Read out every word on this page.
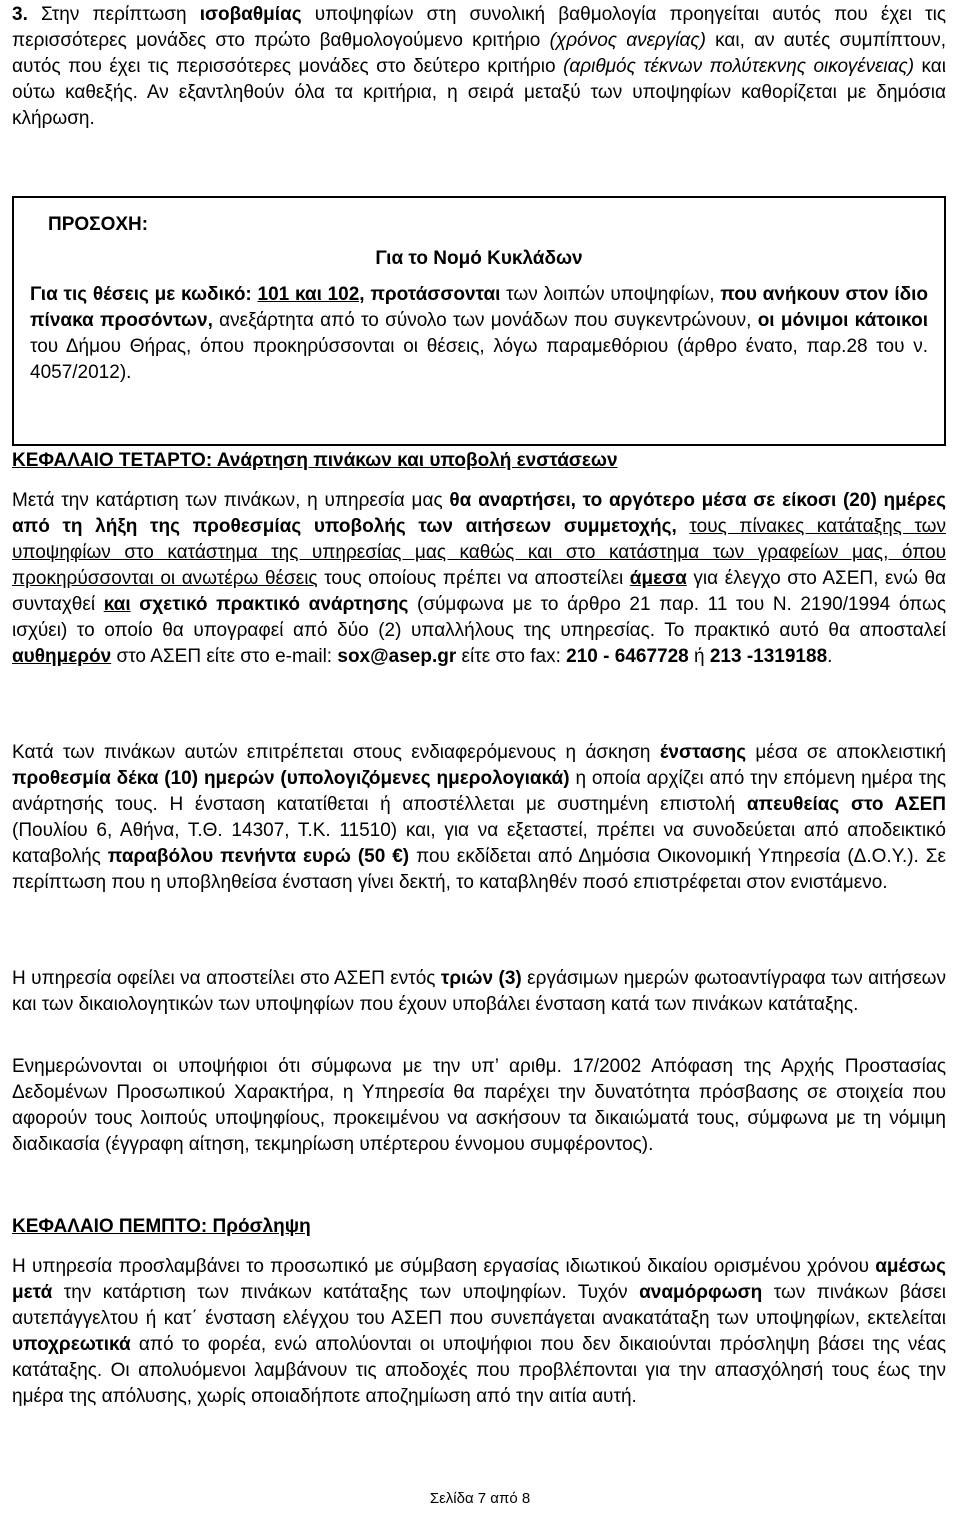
3. Στην περίπτωση ισοβαθμίας υποψηφίων στη συνολική βαθμολογία προηγείται αυτός που έχει τις περισσότερες μονάδες στο πρώτο βαθμολογούμενο κριτήριο (χρόνος ανεργίας) και, αν αυτές συμπίπτουν, αυτός που έχει τις περισσότερες μονάδες στο δεύτερο κριτήριο (αριθμός τέκνων πολύτεκνης οικογένειας) και ούτω καθεξής. Αν εξαντληθούν όλα τα κριτήρια, η σειρά μεταξύ των υποψηφίων καθορίζεται με δημόσια κλήρωση.

ΠΡΟΣΟΧΗ:
Για το Νομό Κυκλάδων

Για τις θέσεις με κωδικό: 101 και 102, προτάσσονται των λοιπών υποψηφίων, που ανήκουν στον ίδιο πίνακα προσόντων, ανεξάρτητα από το σύνολο των μονάδων που συγκεντρώνουν, οι μόνιμοι κάτοικοι του Δήμου Θήρας, όπου προκηρύσσονται οι θέσεις, λόγω παραμεθόριου (άρθρο ένατο, παρ.28 του ν. 4057/2012).

ΚΕΦΑΛΑΙΟ ΤΕΤΑΡΤΟ: Ανάρτηση πινάκων και υποβολή ενστάσεων

Μετά την κατάρτιση των πινάκων, η υπηρεσία μας θα αναρτήσει, το αργότερο μέσα σε είκοσι (20) ημέρες από τη λήξη της προθεσμίας υποβολής των αιτήσεων συμμετοχής, τους πίνακες κατάταξης των υποψηφίων στο κατάστημα της υπηρεσίας μας καθώς και στο κατάστημα των γραφείων μας, όπου προκηρύσσονται οι ανωτέρω θέσεις τους οποίους πρέπει να αποστείλει άμεσα για έλεγχο στο ΑΣΕΠ, ενώ θα συνταχθεί και σχετικό πρακτικό ανάρτησης (σύμφωνα με το άρθρο 21 παρ. 11 του Ν. 2190/1994 όπως ισχύει) το οποίο θα υπογραφεί από δύο (2) υπαλλήλους της υπηρεσίας. Το πρακτικό αυτό θα αποσταλεί αυθημερόν στο ΑΣΕΠ είτε στο e-mail: sox@asep.gr είτε στο fax: 210 - 6467728 ή 213 -1319188.

Κατά των πινάκων αυτών επιτρέπεται στους ενδιαφερόμενους η άσκηση ένστασης μέσα σε αποκλειστική προθεσμία δέκα (10) ημερών (υπολογιζόμενες ημερολογιακά) η οποία αρχίζει από την επόμενη ημέρα της ανάρτησής τους. Η ένσταση κατατίθεται ή αποστέλλεται με συστημένη επιστολή απευθείας στο ΑΣΕΠ (Πουλίου 6, Αθήνα, Τ.Θ. 14307, Τ.Κ. 11510) και, για να εξεταστεί, πρέπει να συνοδεύεται από αποδεικτικό καταβολής παραβόλου πενήντα ευρώ (50 €) που εκδίδεται από Δημόσια Οικονομική Υπηρεσία (Δ.Ο.Υ.). Σε περίπτωση που η υποβληθείσα ένσταση γίνει δεκτή, το καταβληθέν ποσό επιστρέφεται στον ενιστάμενο.

Η υπηρεσία οφείλει να αποστείλει στο ΑΣΕΠ εντός τριών (3) εργάσιμων ημερών φωτοαντίγραφα των αιτήσεων και των δικαιολογητικών των υποψηφίων που έχουν υποβάλει ένσταση κατά των πινάκων κατάταξης.

Ενημερώνονται οι υποψήφιοι ότι σύμφωνα με την υπ’ αριθμ. 17/2002 Απόφαση της Αρχής Προστασίας Δεδομένων Προσωπικού Χαρακτήρα, η Υπηρεσία θα παρέχει την δυνατότητα πρόσβασης σε στοιχεία που αφορούν τους λοιπούς υποψηφίους, προκειμένου να ασκήσουν τα δικαιώματά τους, σύμφωνα με τη νόμιμη διαδικασία (έγγραφη αίτηση, τεκμηρίωση υπέρτερου έννομου συμφέροντος).

ΚΕΦΑΛΑΙΟ ΠΕΜΠΤΟ: Πρόσληψη

Η υπηρεσία προσλαμβάνει το προσωπικό με σύμβαση εργασίας ιδιωτικού δικαίου ορισμένου χρόνου αμέσως μετά την κατάρτιση των πινάκων κατάταξης των υποψηφίων. Τυχόν αναμόρφωση των πινάκων βάσει αυτεπάγγελτου ή κατ΄ ένσταση ελέγχου του ΑΣΕΠ που συνεπάγεται ανακατάταξη των υποψηφίων, εκτελείται υποχρεωτικά από το φορέα, ενώ απολύονται οι υποψήφιοι που δεν δικαιούνται πρόσληψη βάσει της νέας κατάταξης. Οι απολυόμενοι λαμβάνουν τις αποδοχές που προβλέπονται για την απασχόλησή τους έως την ημέρα της απόλυσης, χωρίς οποιαδήποτε αποζημίωση από την αιτία αυτή.

Σελίδα 7 από 8
